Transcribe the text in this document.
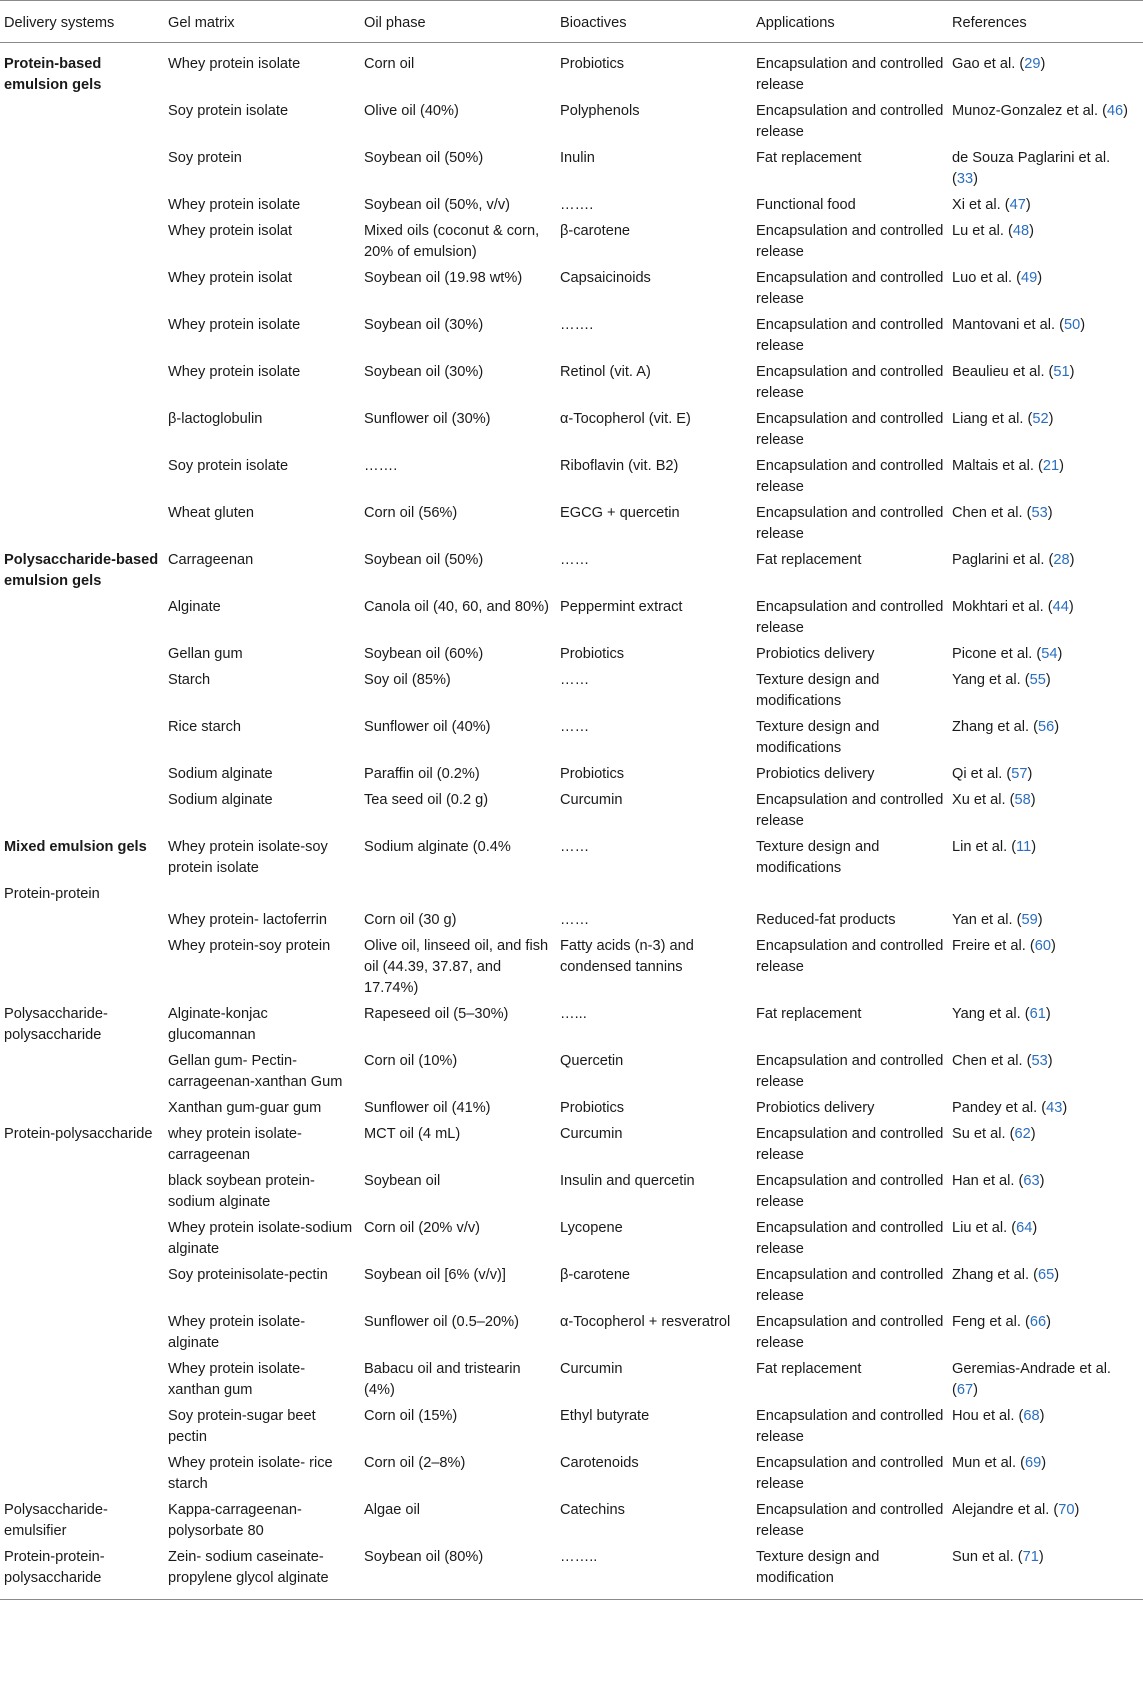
Delivery systems	Gel matrix	Oil phase	Bioactives	Applications	References
Protein-based emulsion gels	Whey protein isolate	Corn oil	Probiotics	Encapsulation and controlled release	Gao et al. (29)
	Soy protein isolate	Olive oil (40%)	Polyphenols	Encapsulation and controlled release	Munoz-Gonzalez et al. (46)
	Soy protein	Soybean oil (50%)	Inulin	Fat replacement	de Souza Paglarini et al. (33)
	Whey protein isolate	Soybean oil (50%, v/v)	…….	Functional food	Xi et al. (47)
	Whey protein isolat	Mixed oils (coconut & corn, 20% of emulsion)	β-carotene	Encapsulation and controlled release	Lu et al. (48)
	Whey protein isolat	Soybean oil (19.98 wt%)	Capsaicinoids	Encapsulation and controlled release	Luo et al. (49)
	Whey protein isolate	Soybean oil (30%)	…….	Encapsulation and controlled release	Mantovani et al. (50)
	Whey protein isolate	Soybean oil (30%)	Retinol (vit. A)	Encapsulation and controlled release	Beaulieu et al. (51)
	β-lactoglobulin	Sunflower oil (30%)	α-Tocopherol (vit. E)	Encapsulation and controlled release	Liang et al. (52)
	Soy protein isolate	…….	Riboflavin (vit. B2)	Encapsulation and controlled release	Maltais et al. (21)
	Wheat gluten	Corn oil (56%)	EGCG + quercetin	Encapsulation and controlled release	Chen et al. (53)
Polysaccharide-based emulsion gels	Carrageenan	Soybean oil (50%)	……	Fat replacement	Paglarini et al. (28)
	Alginate	Canola oil (40, 60, and 80%)	Peppermint extract	Encapsulation and controlled release	Mokhtari et al. (44)
	Gellan gum	Soybean oil (60%)	Probiotics	Probiotics delivery	Picone et al. (54)
	Starch	Soy oil (85%)	……	Texture design and modifications	Yang et al. (55)
	Rice starch	Sunflower oil (40%)	……	Texture design and modifications	Zhang et al. (56)
	Sodium alginate	Paraffin oil (0.2%)	Probiotics	Probiotics delivery	Qi et al. (57)
	Sodium alginate	Tea seed oil (0.2 g)	Curcumin	Encapsulation and controlled release	Xu et al. (58)
Mixed emulsion gels	Whey protein isolate-soy protein isolate	Sodium alginate (0.4%	……	Texture design and modifications	Lin et al. (11)
Protein-protein					
	Whey protein- lactoferrin	Corn oil (30 g)	……	Reduced-fat products	Yan et al. (59)
	Whey protein-soy protein	Olive oil, linseed oil, and fish oil (44.39, 37.87, and 17.74%)	Fatty acids (n-3) and condensed tannins	Encapsulation and controlled release	Freire et al. (60)
Polysaccharide-polysaccharide	Alginate-konjac glucomannan	Rapeseed oil (5–30%)	…...	Fat replacement	Yang et al. (61)
	Gellan gum- Pectin-carrageenan-xanthan Gum	Corn oil (10%)	Quercetin	Encapsulation and controlled release	Chen et al. (53)
	Xanthan gum-guar gum	Sunflower oil (41%)	Probiotics	Probiotics delivery	Pandey et al. (43)
Protein-polysaccharide	whey protein isolate-carrageenan	MCT oil (4 mL)	Curcumin	Encapsulation and controlled release	Su et al. (62)
	black soybean protein-sodium alginate	Soybean oil	Insulin and quercetin	Encapsulation and controlled release	Han et al. (63)
	Whey protein isolate-sodium alginate	Corn oil (20% v/v)	Lycopene	Encapsulation and controlled release	Liu et al. (64)
	Soy proteinisolate-pectin	Soybean oil [6% (v/v)]	β-carotene	Encapsulation and controlled release	Zhang et al. (65)
	Whey protein isolate-alginate	Sunflower oil (0.5–20%)	α-Tocopherol + resveratrol	Encapsulation and controlled release	Feng et al. (66)
	Whey protein isolate-xanthan gum	Babacu oil and tristearin (4%)	Curcumin	Fat replacement	Geremias-Andrade et al. (67)
	Soy protein-sugar beet pectin	Corn oil (15%)	Ethyl butyrate	Encapsulation and controlled release	Hou et al. (68)
	Whey protein isolate- rice starch	Corn oil (2–8%)	Carotenoids	Encapsulation and controlled release	Mun et al. (69)
Polysaccharide-emulsifier	Kappa-carrageenan-polysorbate 80	Algae oil	Catechins	Encapsulation and controlled release	Alejandre et al. (70)
Protein-protein-polysaccharide	Zein- sodium caseinate-propylene glycol alginate	Soybean oil (80%)	……..	Texture design and modification	Sun et al. (71)
